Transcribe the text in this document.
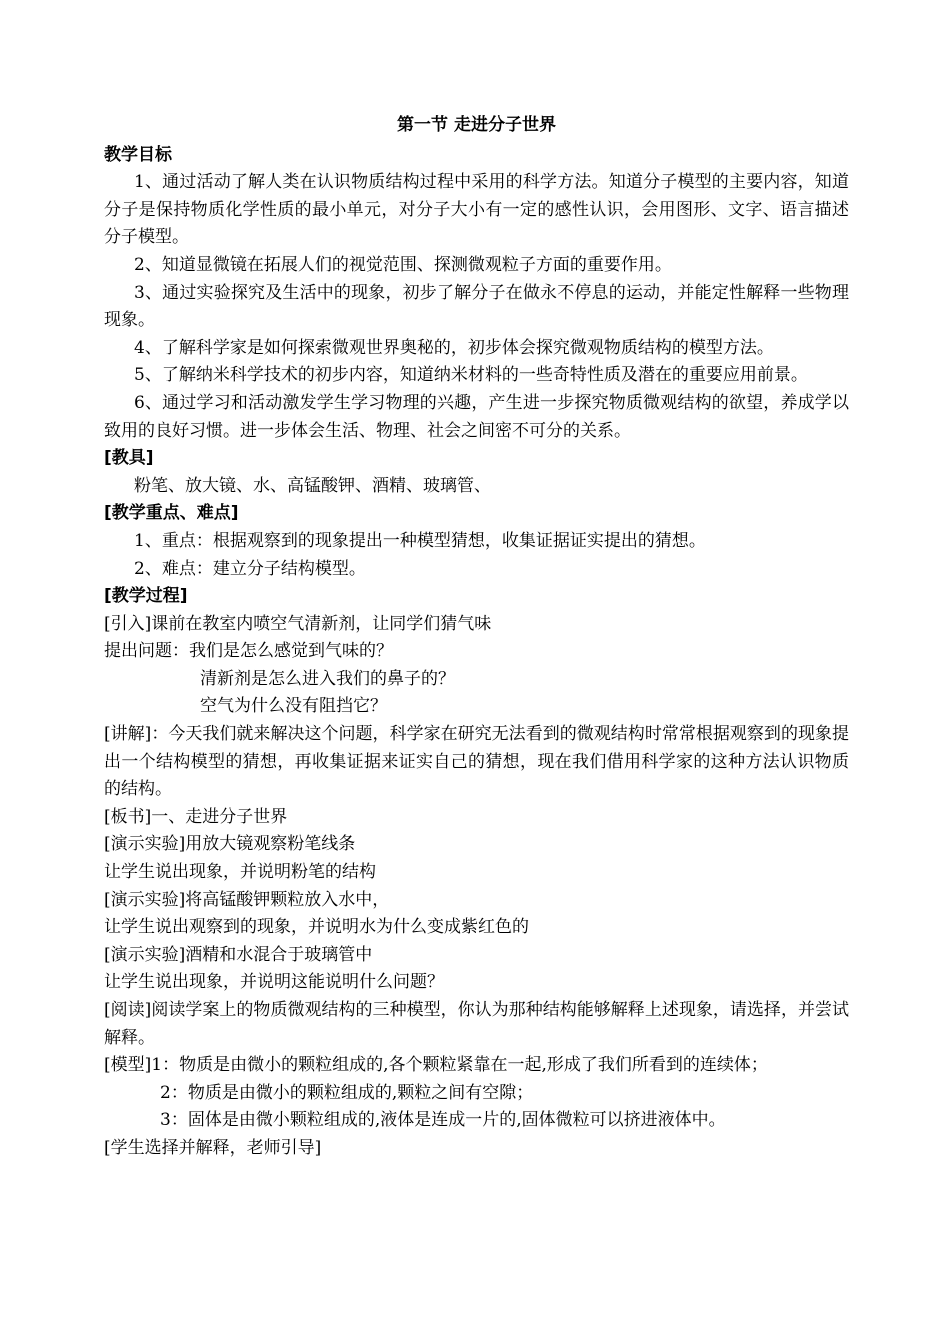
第一节 走进分子世界
教学目标
1、通过活动了解人类在认识物质结构过程中采用的科学方法。知道分子模型的主要内容，知道分子是保持物质化学性质的最小单元，对分子大小有一定的感性认识，会用图形、文字、语言描述分子模型。
2、知道显微镜在拓展人们的视觉范围、探测微观粒子方面的重要作用。
3、通过实验探究及生活中的现象，初步了解分子在做永不停息的运动，并能定性解释一些物理现象。
4、了解科学家是如何探索微观世界奥秘的，初步体会探究微观物质结构的模型方法。
5、了解纳米科学技术的初步内容，知道纳米材料的一些奇特性质及潜在的重要应用前景。
6、通过学习和活动激发学生学习物理的兴趣，产生进一步探究物质微观结构的欲望，养成学以致用的良好习惯。进一步体会生活、物理、社会之间密不可分的关系。
[教具]
粉笔、放大镜、水、高锰酸钾、酒精、玻璃管、
[教学重点、难点]
1、重点：根据观察到的现象提出一种模型猜想，收集证据证实提出的猜想。
2、难点：建立分子结构模型。
[教学过程]
[引入]课前在教室内喷空气清新剂，让同学们猜气味
提出问题：我们是怎么感觉到气味的？
清新剂是怎么进入我们的鼻子的？
空气为什么没有阻挡它？
[讲解]：今天我们就来解决这个问题，科学家在研究无法看到的微观结构时常常根据观察到的现象提出一个结构模型的猜想，再收集证据来证实自己的猜想，现在我们借用科学家的这种方法认识物质的结构。
[板书]一、走进分子世界
[演示实验]用放大镜观察粉笔线条
让学生说出现象，并说明粉笔的结构
[演示实验]将高锰酸钾颗粒放入水中，
让学生说出观察到的现象，并说明水为什么变成紫红色的
[演示实验]酒精和水混合于玻璃管中
让学生说出现象，并说明这能说明什么问题？
[阅读]阅读学案上的物质微观结构的三种模型，你认为那种结构能够解释上述现象，请选择，并尝试解释。
[模型]1：物质是由微小的颗粒组成的,各个颗粒紧靠在一起,形成了我们所看到的连续体；
2：物质是由微小的颗粒组成的,颗粒之间有空隙；
3：固体是由微小颗粒组成的,液体是连成一片的,固体微粒可以挤进液体中。
[学生选择并解释，老师引导]
